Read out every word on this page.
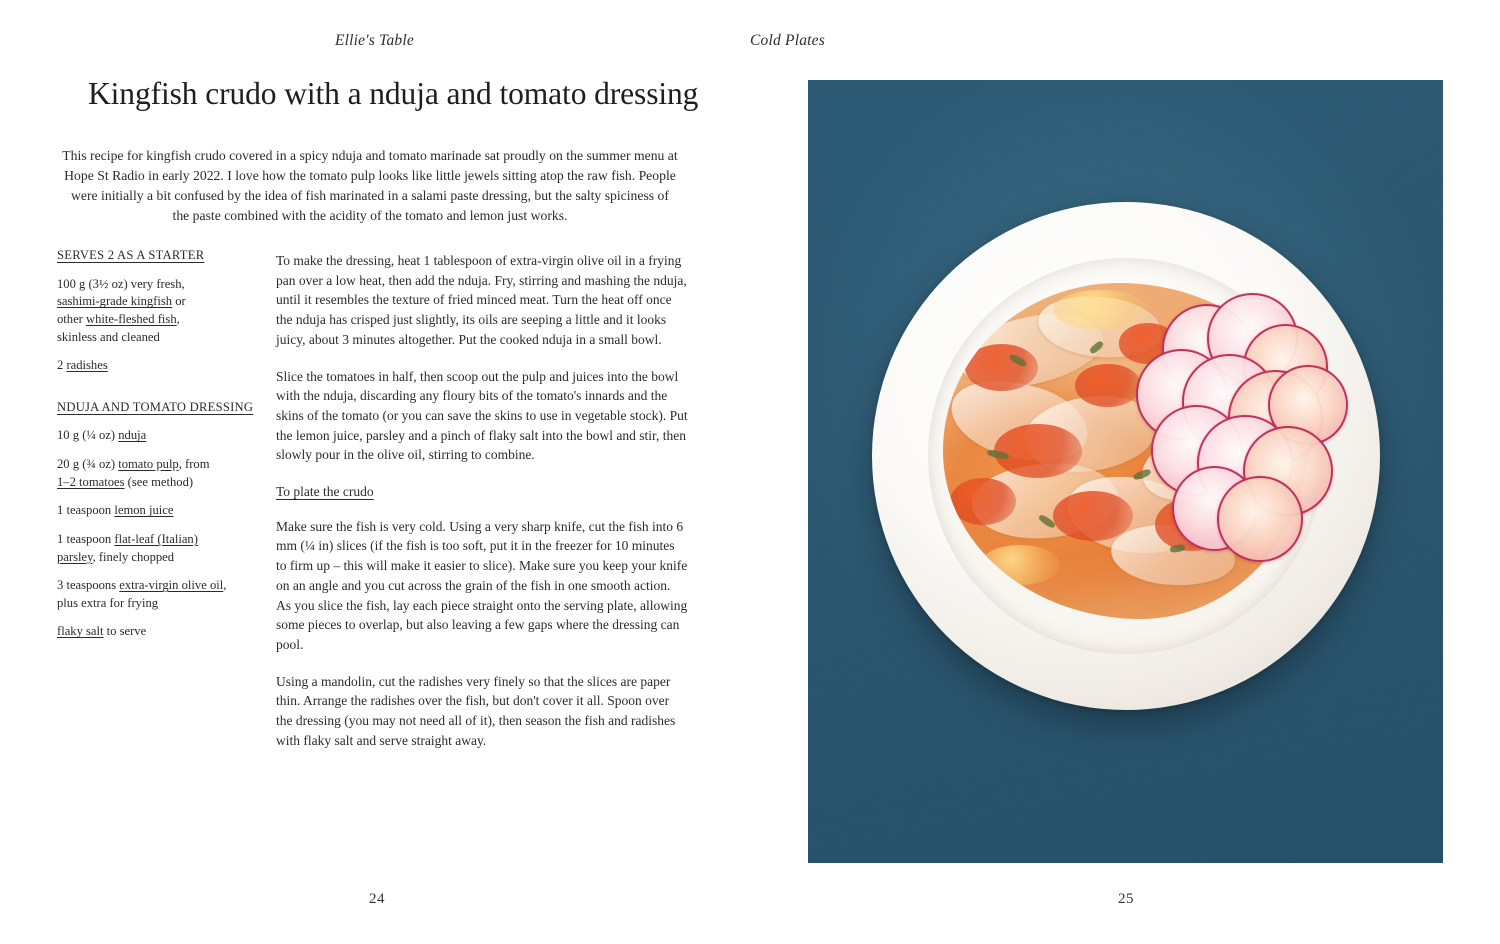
Ellie's Table
Kingfish crudo with a nduja and tomato dressing

This recipe for kingfish crudo covered in a spicy nduja and tomato marinade sat proudly on the summer menu at Hope St Radio in early 2022. I love how the tomato pulp looks like little jewels sitting atop the raw fish. People were initially a bit confused by the idea of fish marinated in a salami paste dressing, but the salty spiciness of the paste combined with the acidity of the tomato and lemon just works.

SERVES 2 AS A STARTER

100 g (3½ oz) very fresh,
sashimi-grade kingfish or
other white-fleshed fish,
skinless and cleaned

2 radishes

NDUJA AND TOMATO DRESSING

10 g (¼ oz) nduja

20 g (¾ oz) tomato pulp, from
1–2 tomatoes (see method)

1 teaspoon lemon juice

1 teaspoon flat-leaf (Italian)
parsley, finely chopped

3 teaspoons extra-virgin olive oil,
plus extra for frying

flaky salt to serve

To make the dressing, heat 1 tablespoon of extra-virgin olive oil in a frying pan over a low heat, then add the nduja. Fry, stirring and mashing the nduja, until it resembles the texture of fried minced meat. Turn the heat off once the nduja has crisped just slightly, its oils are seeping a little and it looks juicy, about 3 minutes altogether. Put the cooked nduja in a small bowl.

Slice the tomatoes in half, then scoop out the pulp and juices into the bowl with the nduja, discarding any floury bits of the tomato's innards and the skins of the tomato (or you can save the skins to use in vegetable stock). Put the lemon juice, parsley and a pinch of flaky salt into the bowl and stir, then slowly pour in the olive oil, stirring to combine.

To plate the crudo

Make sure the fish is very cold. Using a very sharp knife, cut the fish into 6 mm (¼ in) slices (if the fish is too soft, put it in the freezer for 10 minutes to firm up – this will make it easier to slice). Make sure you keep your knife on an angle and you cut across the grain of the fish in one smooth action. As you slice the fish, lay each piece straight onto the serving plate, allowing some pieces to overlap, but also leaving a few gaps where the dressing can pool.

Using a mandolin, cut the radishes very finely so that the slices are paper thin. Arrange the radishes over the fish, but don't cover it all. Spoon over the dressing (you may not need all of it), then season the fish and radishes with flaky salt and serve straight away.

24
Cold Plates
25
